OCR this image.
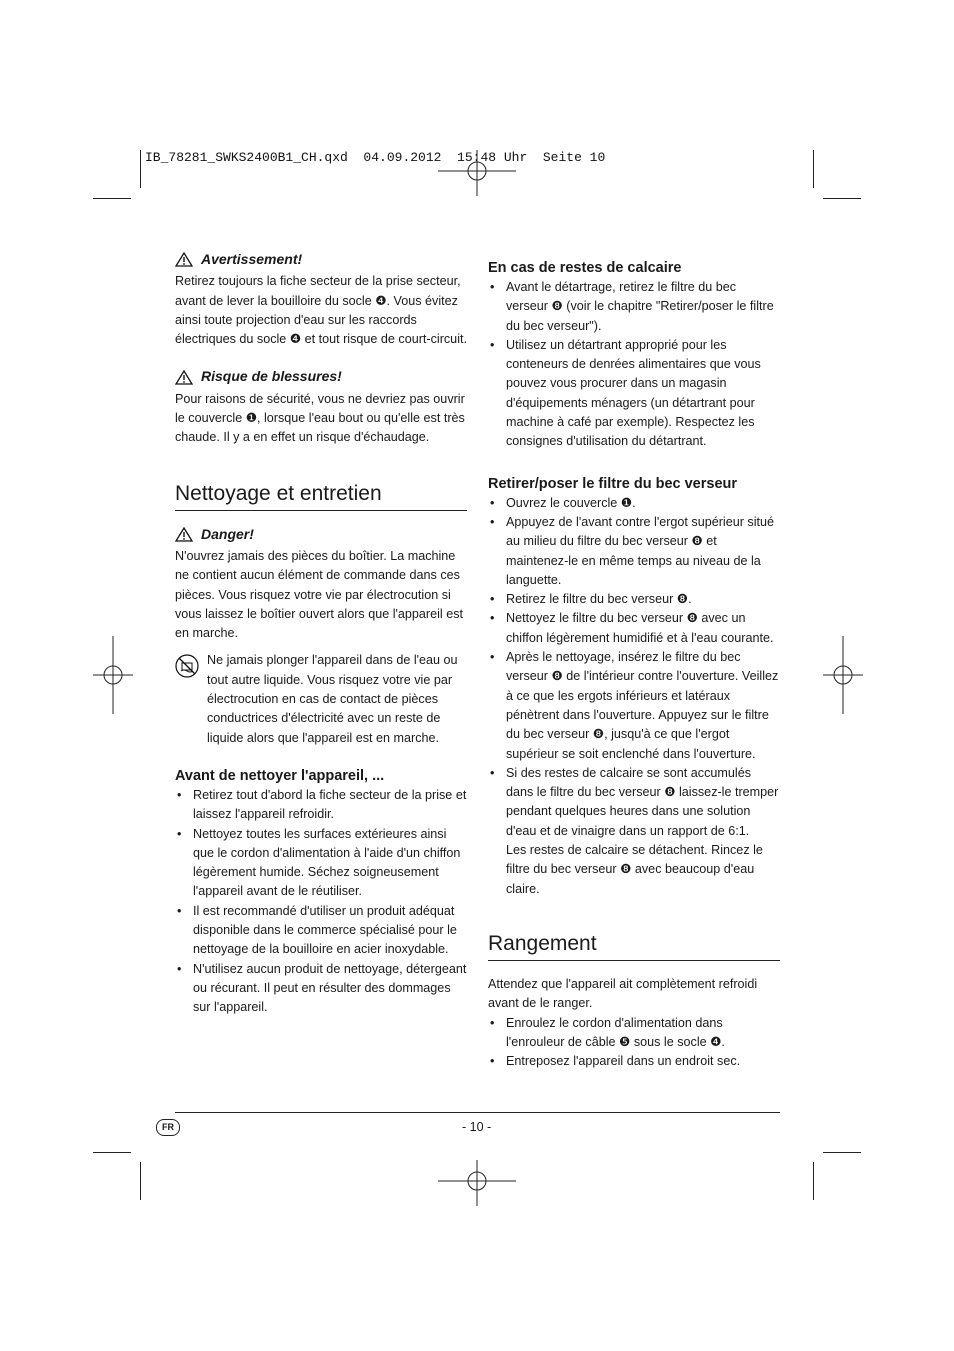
IB_78281_SWKS2400B1_CH.qxd  04.09.2012  15:48 Uhr  Seite 10
Avertissement!

Retirez toujours la fiche secteur de la prise secteur, avant de lever la bouilloire du socle ❹. Vous évitez ainsi toute projection d'eau sur les raccords électriques du socle ❹ et tout risque de court-circuit.

Risque de blessures!

Pour raisons de sécurité, vous ne devriez pas ouvrir le couvercle ❶, lorsque l'eau bout ou qu'elle est très chaude. Il y a en effet un risque d'échaudage.

Nettoyage et entretien
Danger!

N'ouvrez jamais des pièces du boîtier. La machine ne contient aucun élément de commande dans ces pièces. Vous risquez votre vie par électrocution si vous laissez le boîtier ouvert alors que l'appareil est en marche.

Ne jamais plonger l'appareil dans de l'eau ou tout autre liquide. Vous risquez votre vie par électrocution en cas de contact de pièces conductrices d'électricité avec un reste de liquide alors que l'appareil est en marche.

Avant de nettoyer l'appareil, ...
• Retirez tout d'abord la fiche secteur de la prise et laissez l'appareil refroidir.
• Nettoyez toutes les surfaces extérieures ainsi que le cordon d'alimentation à l'aide d'un chiffon légèrement humide. Séchez soigneusement l'appareil avant de le réutiliser.
• Il est recommandé d'utiliser un produit adéquat disponible dans le commerce spécialisé pour le nettoyage de la bouilloire en acier inoxydable.
• N'utilisez aucun produit de nettoyage, détergeant ou récurant. Il peut en résulter des dommages sur l'appareil.
En cas de restes de calcaire
• Avant le détartrage, retirez le filtre du bec verseur ❽ (voir le chapitre "Retirer/poser le filtre du bec verseur").
• Utilisez un détartrant approprié pour les conteneurs de denrées alimentaires que vous pouvez vous procurer dans un magasin d'équipements ménagers (un détartrant pour machine à café par exemple). Respectez les consignes d'utilisation du détartrant.
Retirer/poser le filtre du bec verseur
• Ouvrez le couvercle ❶.
• Appuyez de l'avant contre l'ergot supérieur situé au milieu du filtre du bec verseur ❽ et maintenez-le en même temps au niveau de la languette.
• Retirez le filtre du bec verseur ❽.
• Nettoyez le filtre du bec verseur ❽ avec un chiffon légèrement humidifié et à l'eau courante.
• Après le nettoyage, insérez le filtre du bec verseur ❽ de l'intérieur contre l'ouverture. Veillez à ce que les ergots inférieurs et latéraux pénètrent dans l'ouverture. Appuyez sur le filtre du bec verseur ❽, jusqu'à ce que l'ergot supérieur se soit enclenché dans l'ouverture.
• Si des restes de calcaire se sont accumulés dans le filtre du bec verseur ❽ laissez-le tremper pendant quelques heures dans une solution d'eau et de vinaigre dans un rapport de 6:1.

Les restes de calcaire se détachent. Rincez le filtre du bec verseur ❽ avec beaucoup d'eau claire.

Rangement

Attendez que l'appareil ait complètement refroidi avant de le ranger.

• Enroulez le cordon d'alimentation dans l'enrouleur de câble ❺ sous le socle ❹.
• Entreposez l'appareil dans un endroit sec.
FR	- 10 -
